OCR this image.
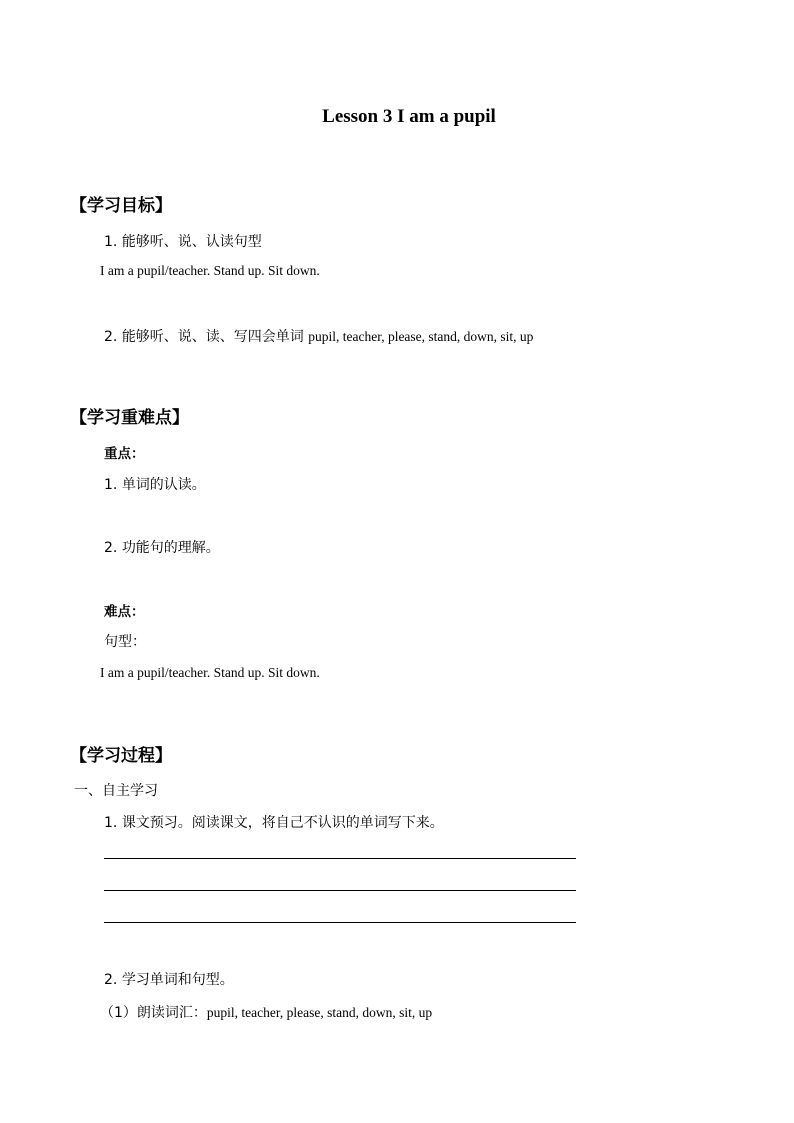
Lesson 3 I am a pupil
【学习目标】
1. 能够听、说、认读句型
I am a pupil/teacher. Stand up. Sit down.
2. 能够听、说、读、写四会单词 pupil, teacher, please, stand, down, sit, up
【学习重难点】
重点：
1. 单词的认读。
2. 功能句的理解。
难点：
句型：
I am a pupil/teacher. Stand up. Sit down.
【学习过程】
一、自主学习
1. 课文预习。阅读课文，将自己不认识的单词写下来。
2. 学习单词和句型。
（1）朗读词汇：pupil, teacher, please, stand, down, sit, up
